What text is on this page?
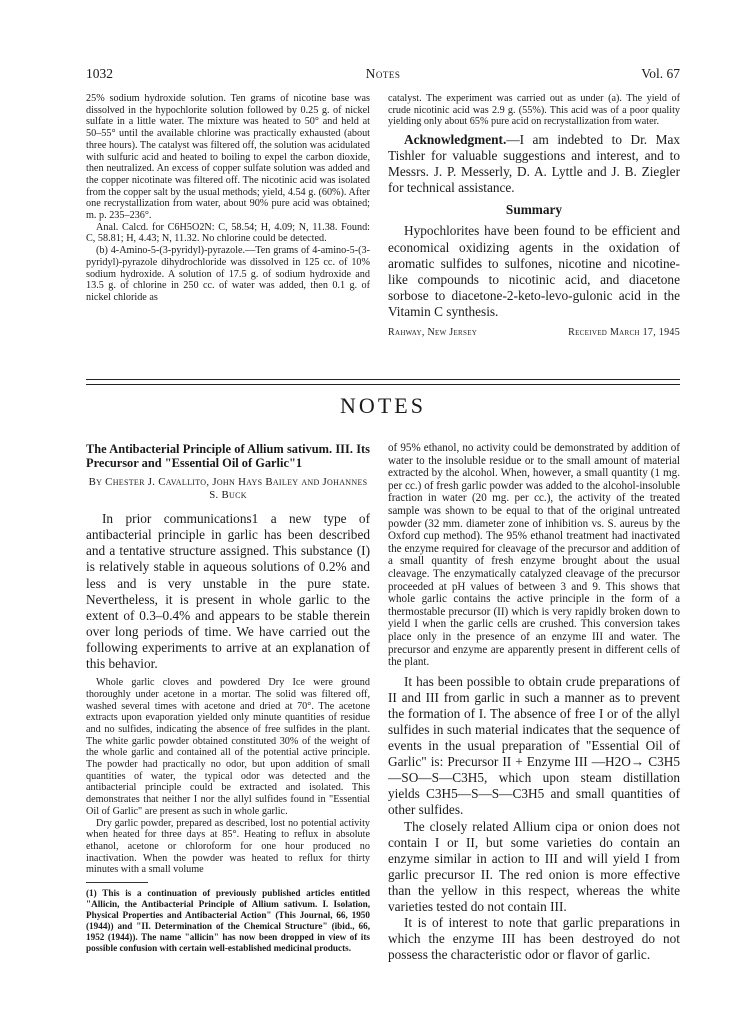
1032	Notes	Vol. 67

25% sodium hydroxide solution. Ten grams of nicotine base was dissolved in the hypochlorite solution followed by 0.25 g. of nickel sulfate in a little water. The mixture was heated to 50° and held at 50–55° until the available chlorine was practically exhausted (about three hours). The catalyst was filtered off, the solution was acidulated with sulfuric acid and heated to boiling to expel the carbon dioxide, then neutralized. An excess of copper sulfate solution was added and the copper nicotinate was filtered off. The nicotinic acid was isolated from the copper salt by the usual methods; yield, 4.54 g. (60%). After one recrystallization from water, about 90% pure acid was obtained; m. p. 235–236°.

Anal. Calcd. for C6H5O2N: C, 58.54; H, 4.09; N, 11.38. Found: C, 58.81; H, 4.43; N, 11.32. No chlorine could be detected.

(b) 4-Amino-5-(3-pyridyl)-pyrazole.—Ten grams of 4-amino-5-(3-pyridyl)-pyrazole dihydrochloride was dissolved in 125 cc. of 10% sodium hydroxide. A solution of 17.5 g. of sodium hydroxide and 13.5 g. of chlorine in 250 cc. of water was added, then 0.1 g. of nickel chloride as

catalyst. The experiment was carried out as under (a). The yield of crude nicotinic acid was 2.9 g. (55%). This acid was of a poor quality yielding only about 65% pure acid on recrystallization from water.

Acknowledgment.—I am indebted to Dr. Max Tishler for valuable suggestions and interest, and to Messrs. J. P. Messerly, D. A. Lyttle and J. B. Ziegler for technical assistance.

Summary

Hypochlorites have been found to be efficient and economical oxidizing agents in the oxidation of aromatic sulfides to sulfones, nicotine and nicotine-like compounds to nicotinic acid, and diacetone sorbose to diacetone-2-keto-levo-gulonic acid in the Vitamin C synthesis.

Rahway, New Jersey	Received March 17, 1945
NOTES
The Antibacterial Principle of Allium sativum. III. Its Precursor and "Essential Oil of Garlic"1
By Chester J. Cavallito, John Hays Bailey and Johannes S. Buck

In prior communications1 a new type of antibacterial principle in garlic has been described and a tentative structure assigned. This substance (I) is relatively stable in aqueous solutions of 0.2% and less and is very unstable in the pure state. Nevertheless, it is present in whole garlic to the extent of 0.3–0.4% and appears to be stable therein over long periods of time. We have carried out the following experiments to arrive at an explanation of this behavior.

Whole garlic cloves and powdered Dry Ice were ground thoroughly under acetone in a mortar. The solid was filtered off, washed several times with acetone and dried at 70°. The acetone extracts upon evaporation yielded only minute quantities of residue and no sulfides, indicating the absence of free sulfides in the plant. The white garlic powder obtained constituted 30% of the weight of the whole garlic and contained all of the potential active principle. The powder had practically no odor, but upon addition of small quantities of water, the typical odor was detected and the antibacterial principle could be extracted and isolated. This demonstrates that neither I nor the allyl sulfides found in "Essential Oil of Garlic" are present as such in whole garlic.

Dry garlic powder, prepared as described, lost no potential activity when heated for three days at 85°. Heating to reflux in absolute ethanol, acetone or chloroform for one hour produced no inactivation. When the powder was heated to reflux for thirty minutes with a small volume

(1) This is a continuation of previously published articles entitled "Allicin, the Antibacterial Principle of Allium sativum. I. Isolation, Physical Properties and Antibacterial Action" (This Journal, 66, 1950 (1944)) and "II. Determination of the Chemical Structure" (ibid., 66, 1952 (1944)). The name "allicin" has now been dropped in view of its possible confusion with certain well-established medicinal products.

of 95% ethanol, no activity could be demonstrated by addition of water to the insoluble residue or to the small amount of material extracted by the alcohol. When, however, a small quantity (1 mg. per cc.) of fresh garlic powder was added to the alcohol-insoluble fraction in water (20 mg. per cc.), the activity of the treated sample was shown to be equal to that of the original untreated powder (32 mm. diameter zone of inhibition vs. S. aureus by the Oxford cup method). The 95% ethanol treatment had inactivated the enzyme required for cleavage of the precursor and addition of a small quantity of fresh enzyme brought about the usual cleavage. The enzymatically catalyzed cleavage of the precursor proceeded at pH values of between 3 and 9. This shows that whole garlic contains the active principle in the form of a thermostable precursor (II) which is very rapidly broken down to yield I when the garlic cells are crushed. This conversion takes place only in the presence of an enzyme III and water. The precursor and enzyme are apparently present in different cells of the plant.

It has been possible to obtain crude preparations of II and III from garlic in such a manner as to prevent the formation of I. The absence of free I or of the allyl sulfides in such material indicates that the sequence of events in the usual preparation of "Essential Oil of Garlic" is: Precursor II + Enzyme III —H2O→ C3H5—SO—S—C3H5, which upon steam distillation yields C3H5—S—S—C3H5 and small quantities of other sulfides.

The closely related Allium cipa or onion does not contain I or II, but some varieties do contain an enzyme similar in action to III and will yield I from garlic precursor II. The red onion is more effective than the yellow in this respect, whereas the white varieties tested do not contain III.

It is of interest to note that garlic preparations in which the enzyme III has been destroyed do not possess the characteristic odor or flavor of garlic.
